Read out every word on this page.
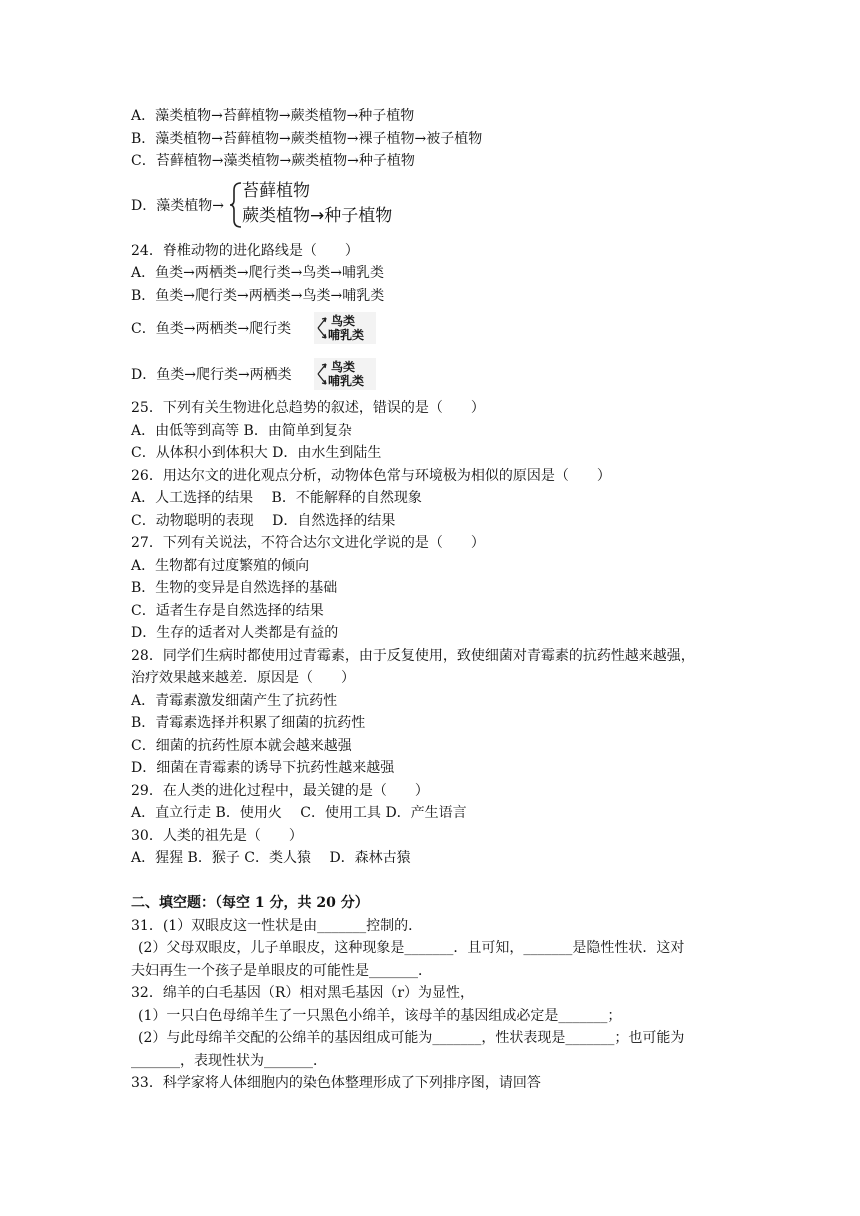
A．藻类植物→苔藓植物→蕨类植物→种子植物
B．藻类植物→苔藓植物→蕨类植物→裸子植物→被子植物
C．苔藓植物→藻类植物→蕨类植物→种子植物
D．藻类植物→
苔藓植物
蕨类植物→种子植物
24．脊椎动物的进化路线是（　　）
A．鱼类→两栖类→爬行类→鸟类→哺乳类
B．鱼类→爬行类→两栖类→鸟类→哺乳类
C．鱼类→两栖类→爬行类	鸟类
哺乳类
D．鱼类→爬行类→两栖类	鸟类
哺乳类
25．下列有关生物进化总趋势的叙述，错误的是（　　）
A．由低等到高等 B．由简单到复杂
C．从体积小到体积大 D．由水生到陆生
26．用达尔文的进化观点分析，动物体色常与环境极为相似的原因是（　　）
A．人工选择的结果　 B．不能解释的自然现象
C．动物聪明的表现　 D．自然选择的结果
27．下列有关说法，不符合达尔文进化学说的是（　　）
A．生物都有过度繁殖的倾向
B．生物的变异是自然选择的基础
C．适者生存是自然选择的结果
D．生存的适者对人类都是有益的
28．同学们生病时都使用过青霉素，由于反复使用，致使细菌对青霉素的抗药性越来越强，
治疗效果越来越差．原因是（　　）
A．青霉素激发细菌产生了抗药性
B．青霉素选择并积累了细菌的抗药性
C．细菌的抗药性原本就会越来越强
D．细菌在青霉素的诱导下抗药性越来越强
29．在人类的进化过程中，最关键的是（　　）
A．直立行走 B．使用火　 C．使用工具 D．产生语言
30．人类的祖先是（　　）
A．猩猩 B．猴子 C．类人猿　 D．森林古猿
二、填空题：（每空 1 分，共 20 分）
31．(1）双眼皮这一性状是由_______控制的．
(2）父母双眼皮，儿子单眼皮，这种现象是_______．且可知，_______是隐性性状．这对
夫妇再生一个孩子是单眼皮的可能性是_______．
32．绵羊的白毛基因（R）相对黑毛基因（r）为显性，
(1）一只白色母绵羊生了一只黑色小绵羊，该母羊的基因组成必定是_______；
(2）与此母绵羊交配的公绵羊的基因组成可能为_______，性状表现是_______；也可能为
_______，表现性状为_______．
33．科学家将人体细胞内的染色体整理形成了下列排序图，请回答
